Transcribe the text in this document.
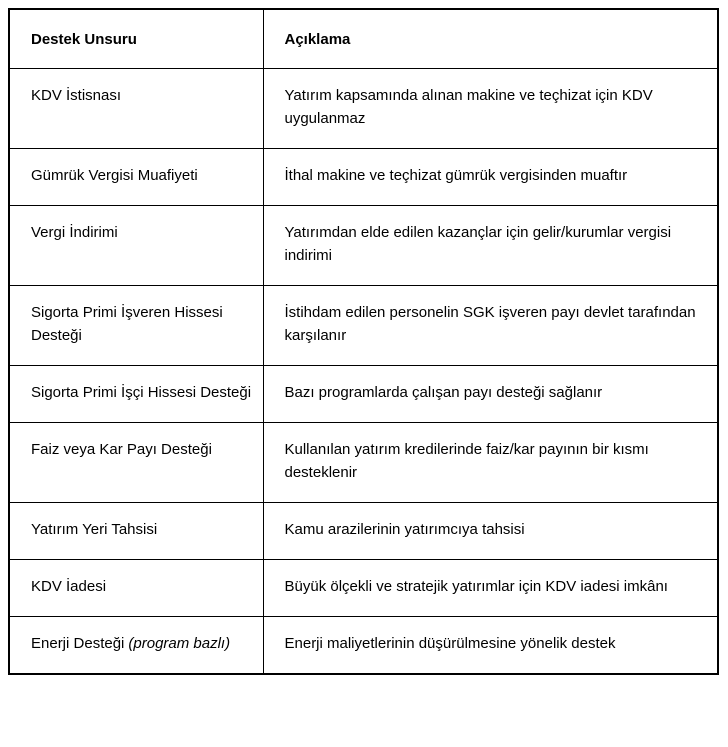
Destek Unsuru	Açıklama
KDV İstisnası	Yatırım kapsamında alınan makine ve teçhizat için KDV uygulanmaz
Gümrük Vergisi Muafiyeti	İthal makine ve teçhizat gümrük vergisinden muaftır
Vergi İndirimi	Yatırımdan elde edilen kazançlar için gelir/kurumlar vergisi indirimi
Sigorta Primi İşveren Hissesi Desteği	İstihdam edilen personelin SGK işveren payı devlet tarafından karşılanır
Sigorta Primi İşçi Hissesi Desteği	Bazı programlarda çalışan payı desteği sağlanır
Faiz veya Kar Payı Desteği	Kullanılan yatırım kredilerinde faiz/kar payının bir kısmı desteklenir
Yatırım Yeri Tahsisi	Kamu arazilerinin yatırımcıya tahsisi
KDV İadesi	Büyük ölçekli ve stratejik yatırımlar için KDV iadesi imkânı
Enerji Desteği (program bazlı)	Enerji maliyetlerinin düşürülmesine yönelik destek
